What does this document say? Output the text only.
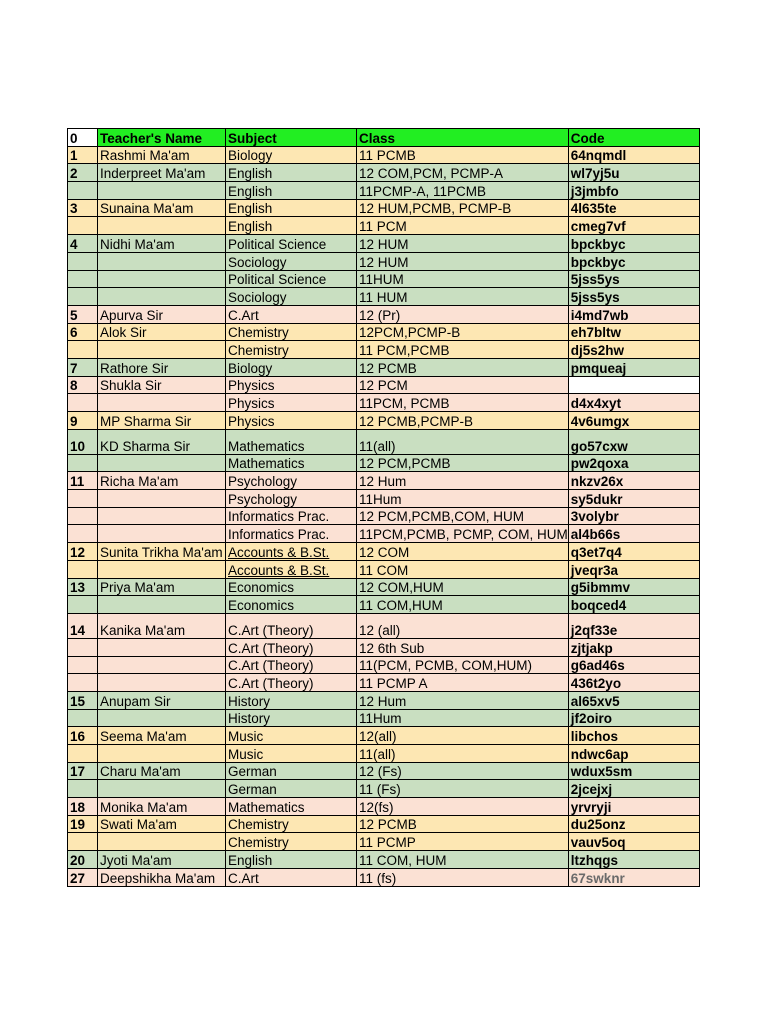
0	Teacher's Name	Subject	Class	Code
1	Rashmi Ma'am	Biology	11 PCMB	64nqmdl
2	Inderpreet Ma'am	English	12 COM,PCM, PCMP-A	wl7yj5u
		English	11PCMP-A, 11PCMB	j3jmbfo
3	Sunaina Ma'am	English	12 HUM,PCMB, PCMP-B	4l635te
		English	11 PCM	cmeg7vf
4	Nidhi Ma'am	Political Science	12 HUM	bpckbyc
		Sociology	12 HUM	bpckbyc
		Political Science	11HUM	5jss5ys
		Sociology	11 HUM	5jss5ys
5	Apurva Sir	C.Art	12 (Pr)	i4md7wb
6	Alok Sir	Chemistry	12PCM,PCMP-B	eh7bltw
		Chemistry	11 PCM,PCMB	dj5s2hw
7	Rathore Sir	Biology	12 PCMB	pmqueaj
8	Shukla Sir	Physics	12 PCM	
		Physics	11PCM, PCMB	d4x4xyt
9	MP Sharma Sir	Physics	12 PCMB,PCMP-B	4v6umgx
10	KD Sharma Sir	Mathematics	11(all)	go57cxw
		Mathematics	12 PCM,PCMB	pw2qoxa
11	Richa Ma'am	Psychology	12 Hum	nkzv26x
		Psychology	11Hum	sy5dukr
		Informatics Prac.	12 PCM,PCMB,COM, HUM	3volybr
		Informatics Prac.	11PCM,PCMB, PCMP, COM, HUM	al4b66s
12	Sunita Trikha Ma'am	Accounts & B.St.	12 COM	q3et7q4
		Accounts & B.St.	11 COM	jveqr3a
13	Priya Ma'am	Economics	12 COM,HUM	g5ibmmv
		Economics	11 COM,HUM	boqced4
14	Kanika Ma'am	C.Art (Theory)	12 (all)	j2qf33e
		C.Art (Theory)	12 6th Sub	zjtjakp
		C.Art (Theory)	11(PCM, PCMB, COM,HUM)	g6ad46s
		C.Art (Theory)	11 PCMP A	436t2yo
15	Anupam Sir	History	12 Hum	al65xv5
		History	11Hum	jf2oiro
16	Seema Ma'am	Music	12(all)	libchos
		Music	11(all)	ndwc6ap
17	Charu Ma'am	German	12 (Fs)	wdux5sm
		German	11 (Fs)	2jcejxj
18	Monika Ma'am	Mathematics	12(fs)	yrvryji
19	Swati Ma'am	Chemistry	12 PCMB	du25onz
		Chemistry	11 PCMP	vauv5oq
20	Jyoti Ma'am	English	11 COM, HUM	ltzhqgs
27	Deepshikha Ma'am	C.Art	11 (fs)	67swknr
